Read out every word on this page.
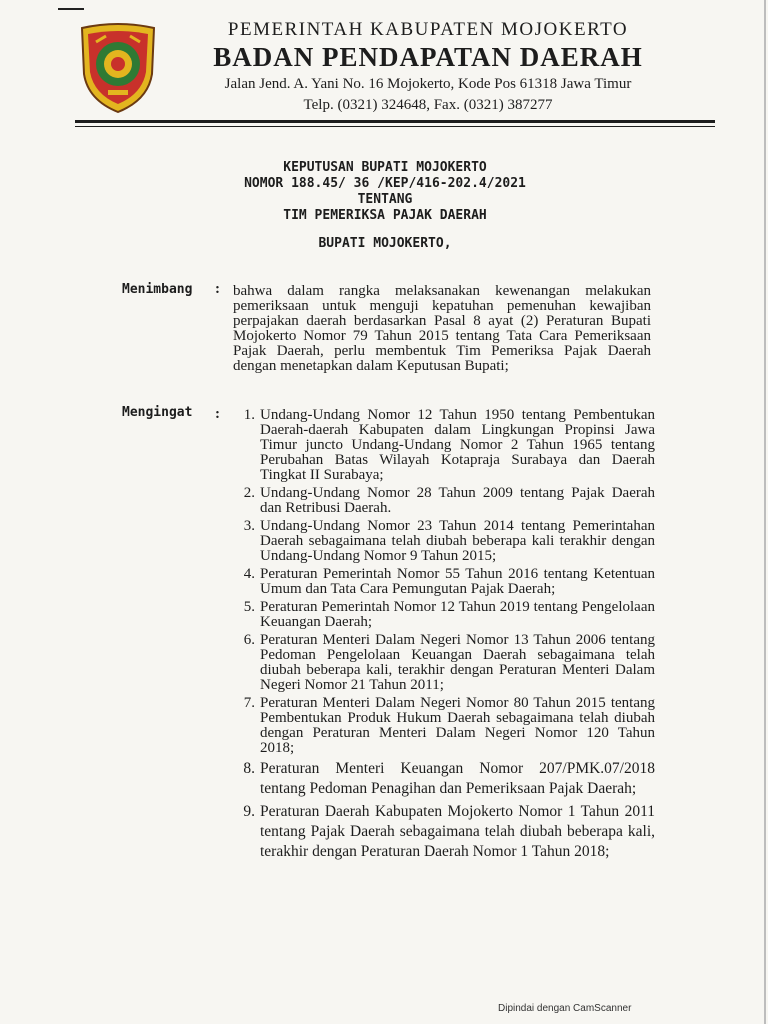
PEMERINTAH KABUPATEN MOJOKERTO
BADAN PENDAPATAN DAERAH
Jalan Jend. A. Yani No. 16 Mojokerto, Kode Pos 61318 Jawa Timur
Telp. (0321) 324648, Fax. (0321) 387277
KEPUTUSAN BUPATI MOJOKERTO
NOMOR 188.45/ 36 /KEP/416-202.4/2021
TENTANG
TIM PEMERIKSA PAJAK DAERAH
BUPATI MOJOKERTO,
Menimbang : bahwa dalam rangka melaksanakan kewenangan melakukan pemeriksaan untuk menguji kepatuhan pemenuhan kewajiban perpajakan daerah berdasarkan Pasal 8 ayat (2) Peraturan Bupati Mojokerto Nomor 79 Tahun 2015 tentang Tata Cara Pemeriksaan Pajak Daerah, perlu membentuk Tim Pemeriksa Pajak Daerah dengan menetapkan dalam Keputusan Bupati;

Mengingat :	1. Undang-Undang Nomor 12 Tahun 1950 tentang Pembentukan Daerah-daerah Kabupaten dalam Lingkungan Propinsi Jawa Timur juncto Undang-Undang Nomor 2 Tahun 1965 tentang Perubahan Batas Wilayah Kotapraja Surabaya dan Daerah Tingkat II Surabaya;
2. Undang-Undang Nomor 28 Tahun 2009 tentang Pajak Daerah dan Retribusi Daerah.
3. Undang-Undang Nomor 23 Tahun 2014 tentang Pemerintahan Daerah sebagaimana telah diubah beberapa kali terakhir dengan Undang-Undang Nomor 9 Tahun 2015;
4. Peraturan Pemerintah Nomor 55 Tahun 2016 tentang Ketentuan Umum dan Tata Cara Pemungutan Pajak Daerah;
5. Peraturan Pemerintah Nomor 12 Tahun 2019 tentang Pengelolaan Keuangan Daerah;
6. Peraturan Menteri Dalam Negeri Nomor 13 Tahun 2006 tentang Pedoman Pengelolaan Keuangan Daerah sebagaimana telah diubah beberapa kali, terakhir dengan Peraturan Menteri Dalam Negeri Nomor 21 Tahun 2011;
7. Peraturan Menteri Dalam Negeri Nomor 80 Tahun 2015 tentang Pembentukan Produk Hukum Daerah sebagaimana telah diubah dengan Peraturan Menteri Dalam Negeri Nomor 120 Tahun 2018;
8. Peraturan Menteri Keuangan Nomor 207/PMK.07/2018 tentang Pedoman Penagihan dan Pemeriksaan Pajak Daerah;
9. Peraturan Daerah Kabupaten Mojokerto Nomor 1 Tahun 2011 tentang Pajak Daerah sebagaimana telah diubah beberapa kali, terakhir dengan Peraturan Daerah Nomor 1 Tahun 2018;
Dipindai dengan CamScanner
